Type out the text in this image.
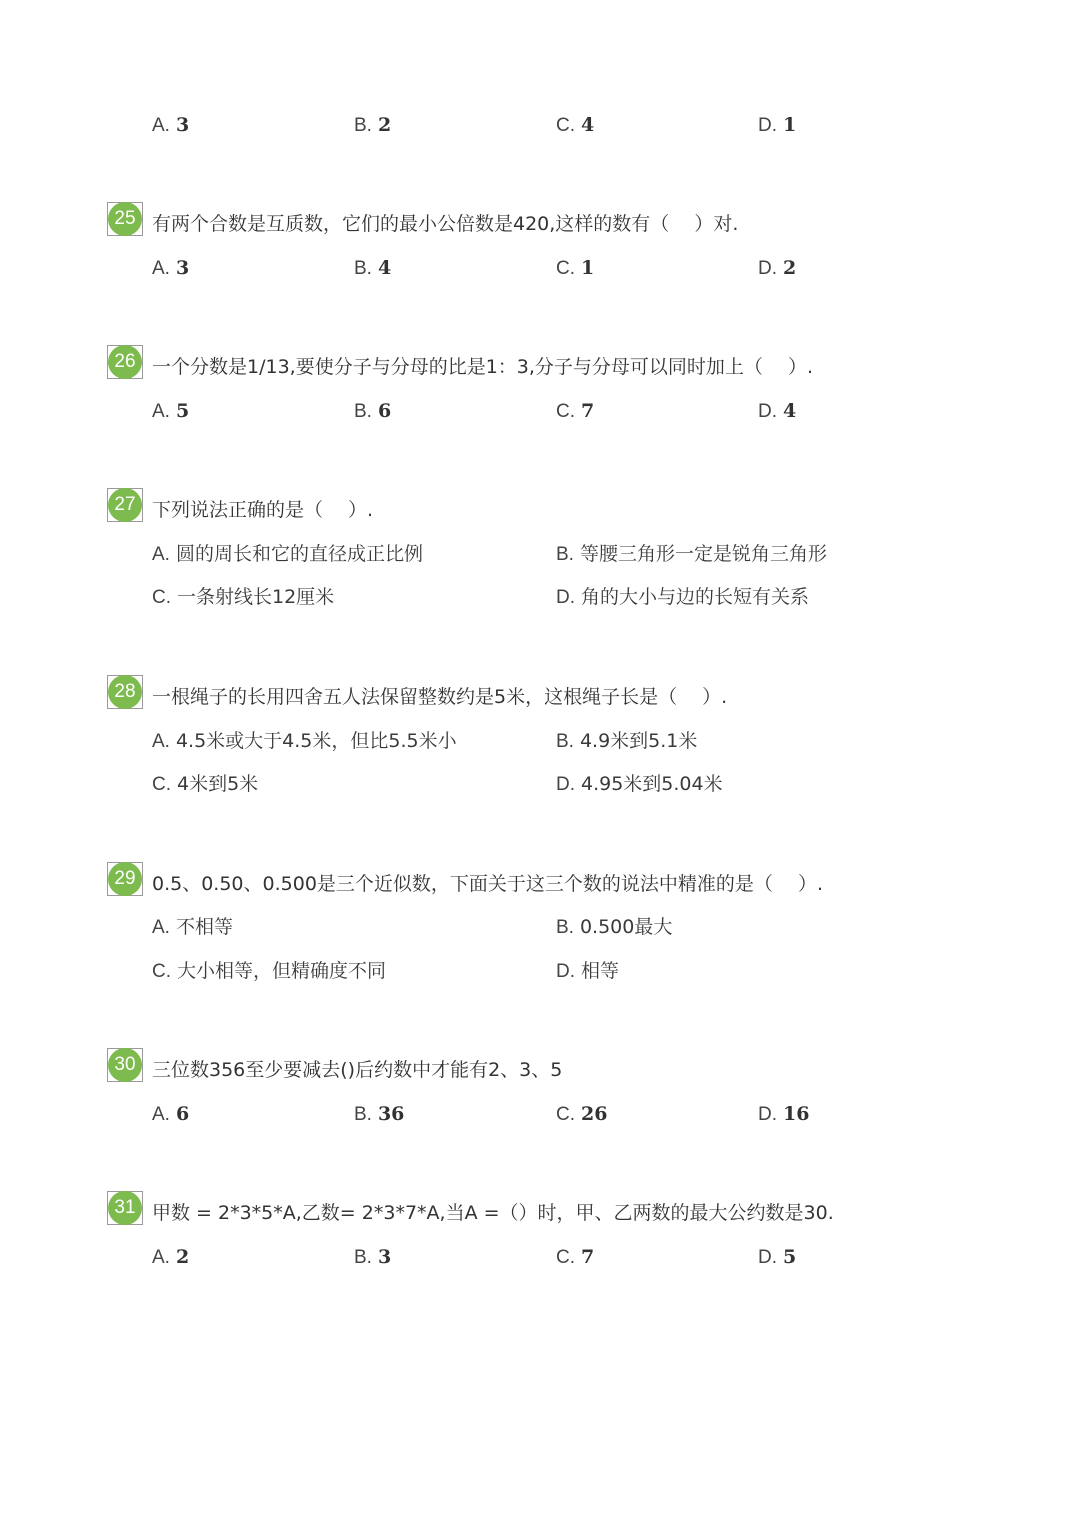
A. 3	B. 2	C. 4	D. 1
25 有两个合数是互质数，它们的最小公倍数是420,这样的数有（　 ）对.
A. 3	B. 4	C. 1	D. 2
26 一个分数是1/13,要使分子与分母的比是1：3,分子与分母可以同时加上（　 ）.
A. 5	B. 6	C. 7	D. 4
27 下列说法正确的是（　 ）.
A. 圆的周长和它的直径成正比例	B. 等腰三角形一定是锐角三角形
C. 一条射线长12厘米	D. 角的大小与边的长短有关系
28 一根绳子的长用四舍五人法保留整数约是5米，这根绳子长是（　 ）.
A. 4.5米或大于4.5米，但比5.5米小	B. 4.9米到5.1米
C. 4米到5米	D. 4.95米到5.04米
29 0.5、0.50、0.500是三个近似数，下面关于这三个数的说法中精准的是（　 ）.
A. 不相等	B. 0.500最大
C. 大小相等，但精确度不同	D. 相等
30 三位数356至少要减去()后约数中才能有2、3、5
A. 6	B. 36	C. 26	D. 16
31 甲数 = 2*3*5*A,乙数= 2*3*7*A,当A =（）时，甲、乙两数的最大公约数是30.
A. 2	B. 3	C. 7	D. 5
